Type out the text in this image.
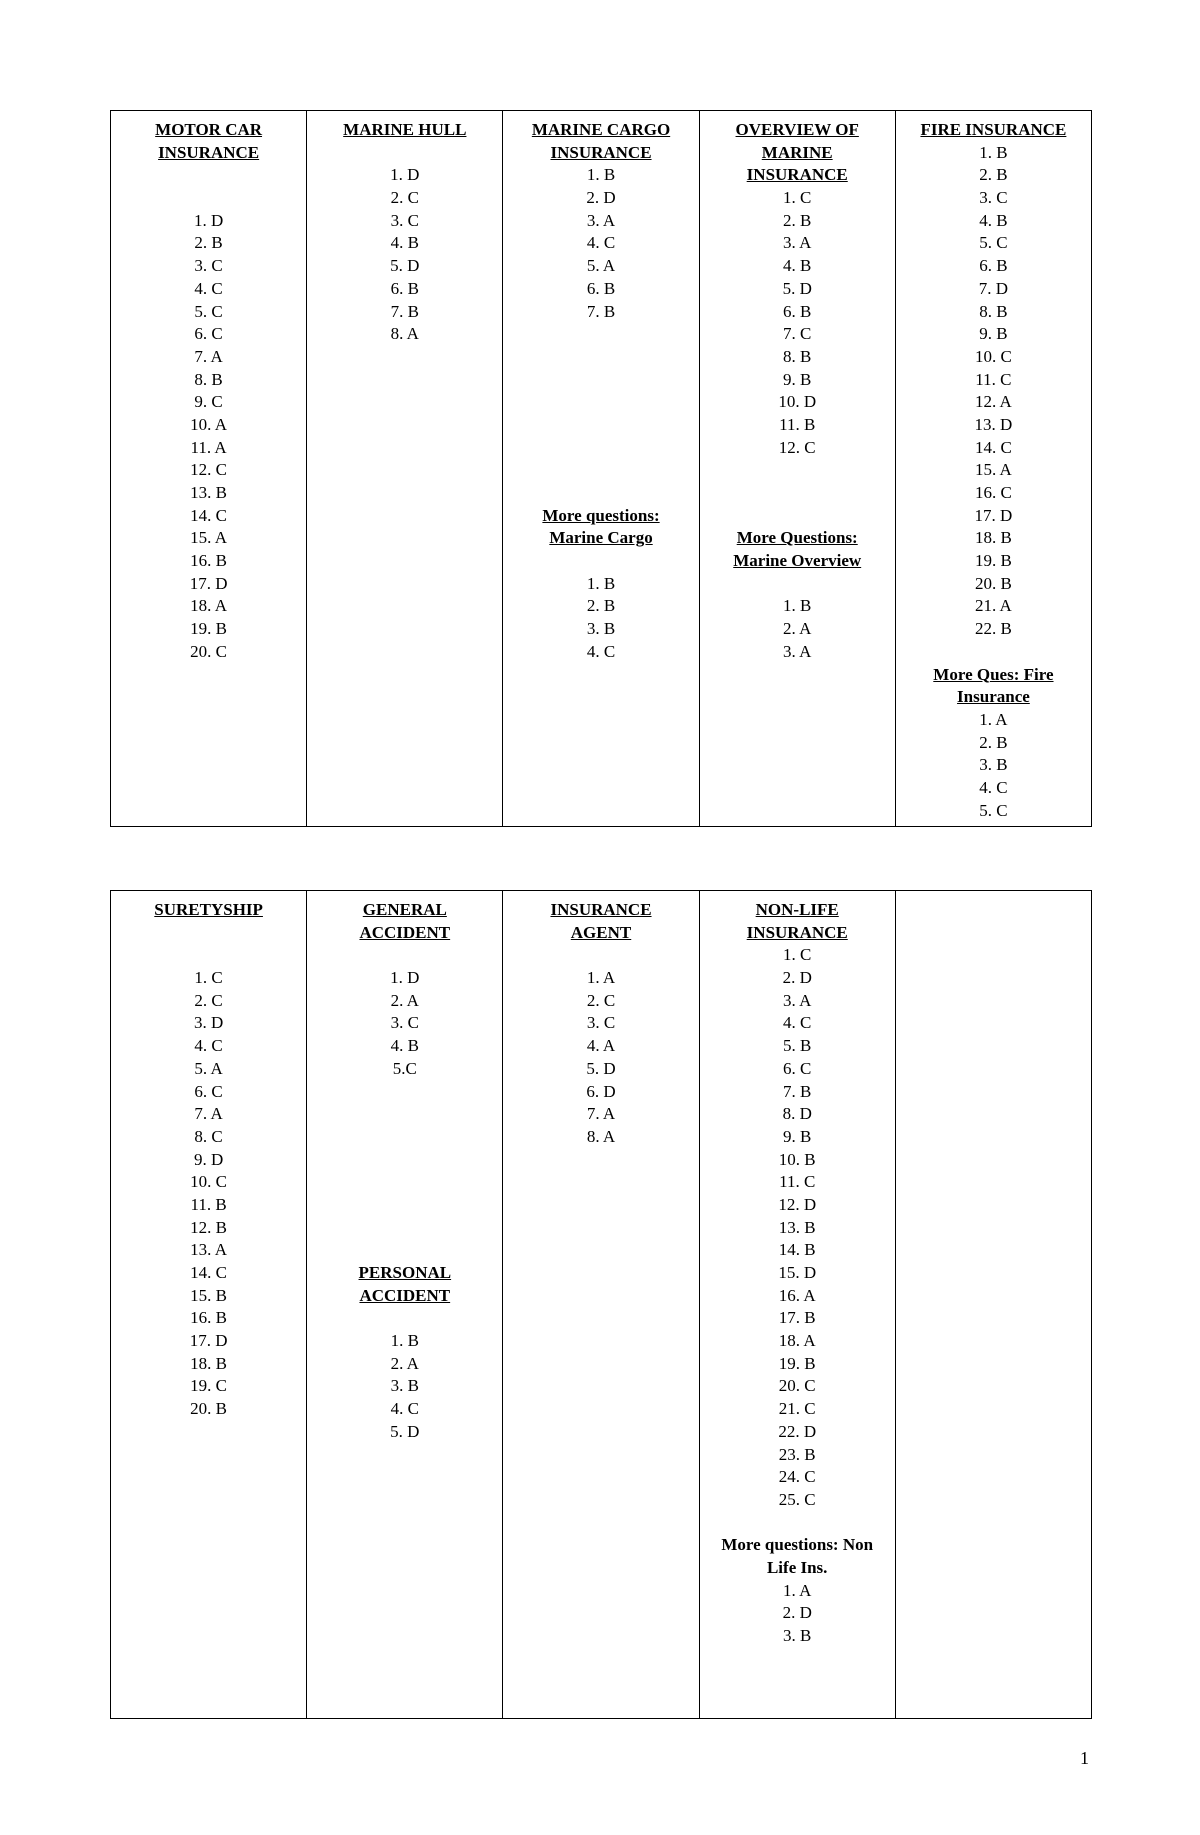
MOTOR CAR
INSURANCE
1. D
2. B
3. C
4. C
5. C
6. C
7. A
8. B
9. C
10. A
11. A
12. C
13. B
14. C
15. A
16. B
17. D
18. A
19. B
20. C
MARINE HULL
1. D
2. C
3. C
4. B
5. D
6. B
7. B
8. A
MARINE CARGO
INSURANCE
1. B
2. D
3. A
4. C
5. A
6. B
7. B
More questions:
Marine Cargo
1. B
2. B
3. B
4. C
OVERVIEW OF
MARINE
INSURANCE
1. C
2. B
3. A
4. B
5. D
6. B
7. C
8. B
9. B
10. D
11. B
12. C
More Questions:
Marine Overview
1. B
2. A
3. A
FIRE INSURANCE
1. B
2. B
3. C
4. B
5. C
6. B
7. D
8. B
9. B
10. C
11. C
12. A
13. D
14. C
15. A
16. C
17. D
18. B
19. B
20. B
21. A
22. B
More Ques: Fire
Insurance
1. A
2. B
3. B
4. C
5. C
SURETYSHIP
1. C
2. C
3. D
4. C
5. A
6. C
7. A
8. C
9. D
10. C
11. B
12. B
13. A
14. C
15. B
16. B
17. D
18. B
19. C
20. B
GENERAL
ACCIDENT
1. D
2. A
3. C
4. B
5.C
PERSONAL
ACCIDENT
1. B
2. A
3. B
4. C
5. D
INSURANCE
AGENT
1. A
2. C
3. C
4. A
5. D
6. D
7. A
8. A
NON-LIFE
INSURANCE
1. C
2. D
3. A
4. C
5. B
6. C
7. B
8. D
9. B
10. B
11. C
12. D
13. B
14. B
15. D
16. A
17. B
18. A
19. B
20. C
21. C
22. D
23. B
24. C
25. C
More questions: Non
Life Ins.
1. A
2. D
3. B
1
